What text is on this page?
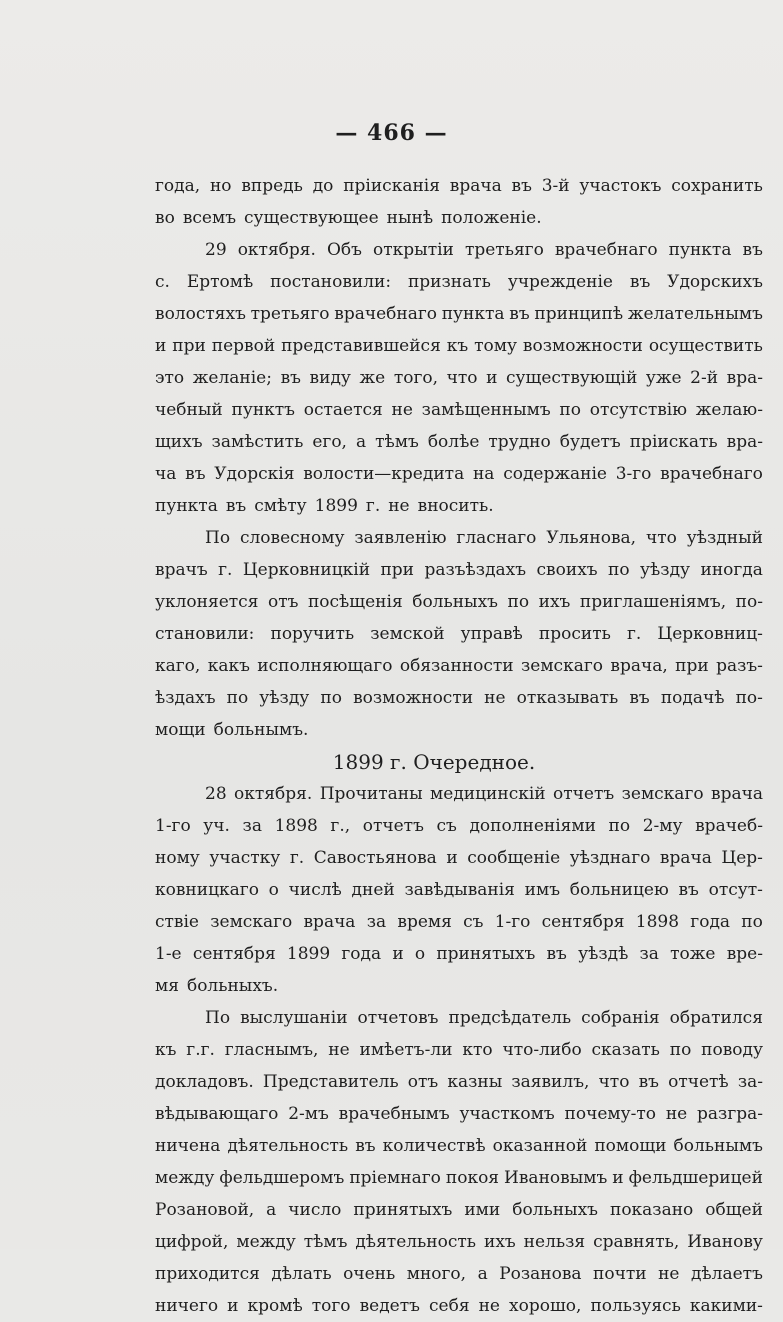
— 466 —
года, но впредь до прiисканiя врача въ 3-й участокъ сохранить
во всемъ существующее нынѣ положенiе.
29 октября. Объ открытiи третьяго врачебнаго пункта въ
с. Ертомѣ постановили: признать учрежденiе въ Удорскихъ
волостяхъ третьяго врачебнаго пункта въ принципѣ желательнымъ
и при первой представившейся къ тому возможности осуществить
это желанiе; въ виду же того, что и существующiй уже 2-й вра-
чебный пунктъ остается не замѣщеннымъ по отсутствiю желаю-
щихъ замѣстить его, а тѣмъ болѣе трудно будетъ прiискать вра-
ча въ Удорскiя волости—кредита на содержанiе 3-го врачебнаго
пункта въ смѣту 1899 г. не вносить.
По словесному заявленiю гласнаго Ульянова, что уѣздный
врачъ г. Церковницкiй при разъѣздахъ своихъ по уѣзду иногда
уклоняется отъ посѣщенiя больныхъ по ихъ приглашенiямъ, по-
становили: поручить земской управѣ просить г. Церковниц-
каго, какъ исполняющаго обязанности земскаго врача, при разъ-
ѣздахъ по уѣзду по возможности не отказывать въ подачѣ по-
мощи больнымъ.
1899 г. Очередное.
28 октября. Прочитаны медицинскiй отчетъ земскаго врача
1-го уч. за 1898 г., отчетъ съ дополненiями по 2-му врачеб-
ному участку г. Савостьянова и сообщенiе уѣзднаго врача Цер-
ковницкаго о числѣ дней завѣдыванiя имъ больницею въ отсут-
ствiе земскаго врача за время съ 1-го сентября 1898 года по
1-е сентября 1899 года и о принятыхъ въ уѣздѣ за тоже вре-
мя больныхъ.
По выслушанiи отчетовъ предсѣдатель собранiя обратился
къ г.г. гласнымъ, не имѣетъ-ли кто что-либо сказать по поводу
докладовъ. Представитель отъ казны заявилъ, что въ отчетѣ за-
вѣдывающаго 2-мъ врачебнымъ участкомъ почему-то не разгра-
ничена дѣятельность въ количествѣ оказанной помощи больнымъ
между фельдшеромъ прiемнаго покоя Ивановымъ и фельдшерицей
Розановой, а число принятыхъ ими больныхъ показано общей
цифрой, между тѣмъ дѣятельность ихъ нельзя сравнять, Иванову
приходится дѣлать очень много, а Розанова почти не дѣлаетъ
ничего и кромѣ того ведетъ себя не хорошо, пользуясь какими-
